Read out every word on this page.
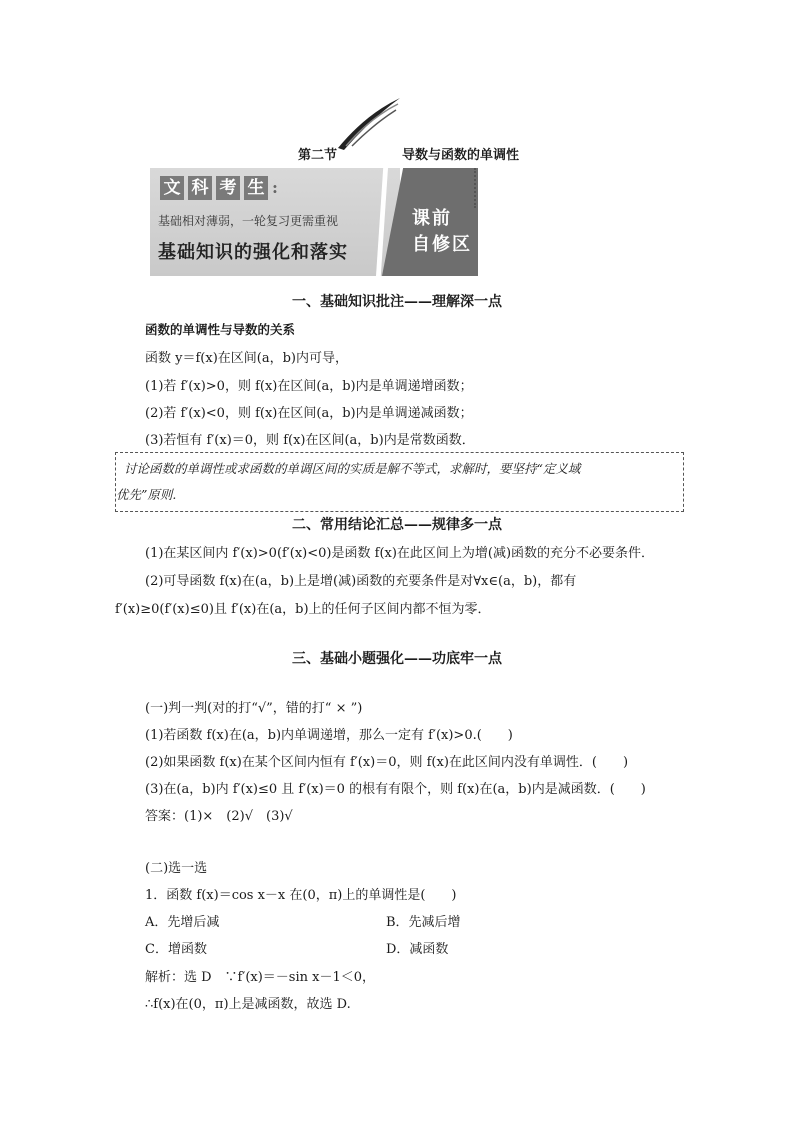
第二节	导数与函数的单调性
文 科 考 生 :
基础相对薄弱，一轮复习更需重视
基础知识的强化和落实
课前
自修区
一、基础知识批注——理解深一点
函数的单调性与导数的关系
函数 y＝f(x)在区间(a，b)内可导，
(1)若 f′(x)>0，则 f(x)在区间(a，b)内是单调递增函数；
(2)若 f′(x)<0，则 f(x)在区间(a，b)内是单调递减函数；
(3)若恒有 f′(x)＝0，则 f(x)在区间(a，b)内是常数函数．
讨论函数的单调性或求函数的单调区间的实质是解不等式，求解时，要坚持“定义域
优先”原则.
二、常用结论汇总——规律多一点
(1)在某区间内 f′(x)>0(f′(x)<0)是函数 f(x)在此区间上为增(减)函数的充分不必要条件．
(2)可导函数 f(x)在(a，b)上是增(减)函数的充要条件是对∀x∈(a，b)，都有
f′(x)≥0(f′(x)≤0)且 f′(x)在(a，b)上的任何子区间内都不恒为零．
三、基础小题强化——功底牢一点
(一)判一判(对的打“√”，错的打“ × ”)
(1)若函数 f(x)在(a，b)内单调递增，那么一定有 f′(x)>0.(　　)
(2)如果函数 f(x)在某个区间内恒有 f′(x)＝0，则 f(x)在此区间内没有单调性．(　　)
(3)在(a，b)内 f′(x)≤0 且 f′(x)＝0 的根有有限个，则 f(x)在(a，b)内是减函数．(　　)
答案：(1)×　(2)√　(3)√
(二)选一选
1．函数 f(x)＝cos x－x 在(0，π)上的单调性是(　　)
A．先增后减	B．先减后增
C．增函数	D．减函数
解析：选 D　∵f′(x)＝－sin x－1＜0，
∴f(x)在(0，π)上是减函数，故选 D.
